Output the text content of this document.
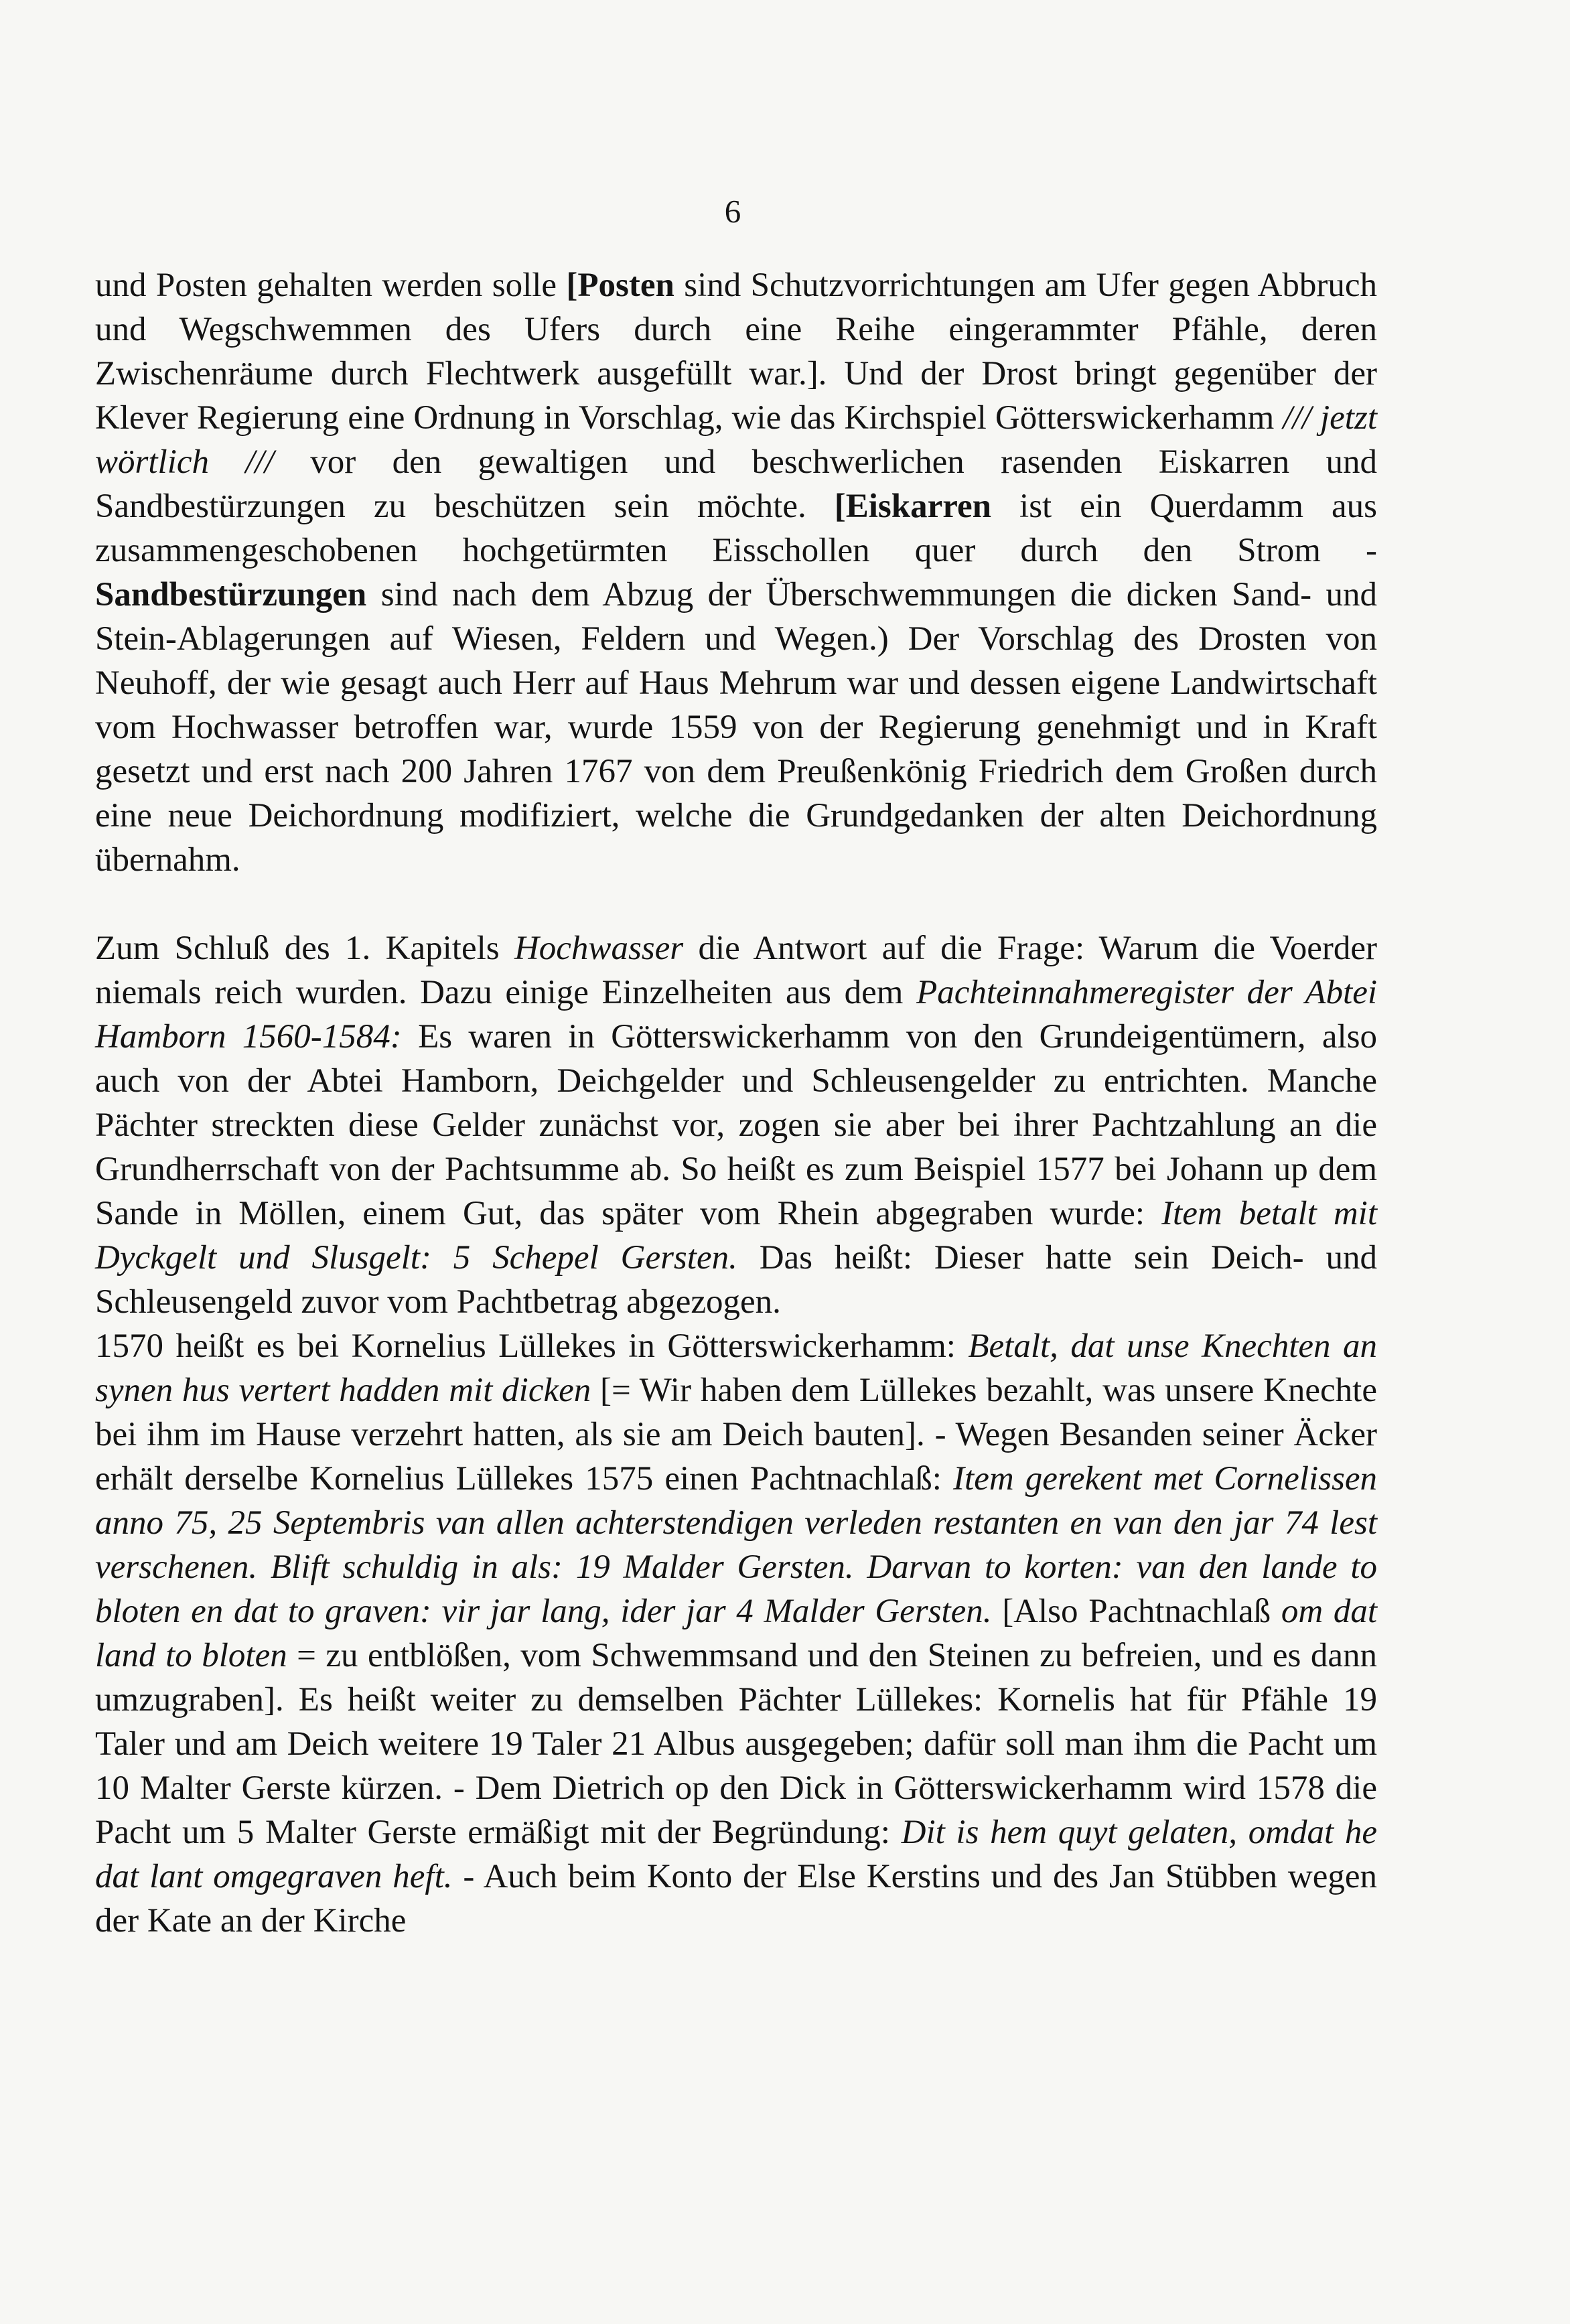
6

und Posten gehalten werden solle [Posten sind Schutzvorrichtungen am Ufer gegen Abbruch und Wegschwemmen des Ufers durch eine Reihe eingerammter Pfähle, deren Zwischenräume durch Flechtwerk ausgefüllt war.]. Und der Drost bringt gegenüber der Klever Regierung eine Ordnung in Vorschlag, wie das Kirchspiel Götterswickerhamm /// jetzt wörtlich /// vor den gewaltigen und beschwerlichen rasenden Eiskarren und Sandbestürzungen zu beschützen sein möchte. [Eiskarren ist ein Querdamm aus zusammengeschobenen hochgetürmten Eisschollen quer durch den Strom - Sandbestürzungen sind nach dem Abzug der Überschwemmungen die dicken Sand- und Stein-Ablagerungen auf Wiesen, Feldern und Wegen.) Der Vorschlag des Drosten von Neuhoff, der wie gesagt auch Herr auf Haus Mehrum war und dessen eigene Landwirtschaft vom Hochwasser betroffen war, wurde 1559 von der Regierung genehmigt und in Kraft gesetzt und erst nach 200 Jahren 1767 von dem Preußenkönig Friedrich dem Großen durch eine neue Deichordnung modifiziert, welche die Grundgedanken der alten Deichordnung übernahm.

Zum Schluß des 1. Kapitels Hochwasser die Antwort auf die Frage: Warum die Voerder niemals reich wurden. Dazu einige Einzelheiten aus dem Pachteinnahmeregister der Abtei Hamborn 1560-1584: Es waren in Götterswickerhamm von den Grundeigentümern, also auch von der Abtei Hamborn, Deichgelder und Schleusengelder zu entrichten. Manche Pächter streckten diese Gelder zunächst vor, zogen sie aber bei ihrer Pachtzahlung an die Grundherrschaft von der Pachtsumme ab. So heißt es zum Beispiel 1577 bei Johann up dem Sande in Möllen, einem Gut, das später vom Rhein abgegraben wurde: Item betalt mit Dyckgelt und Slusgelt: 5 Schepel Gersten. Das heißt: Dieser hatte sein Deich- und Schleusengeld zuvor vom Pachtbetrag abgezogen.

1570 heißt es bei Kornelius Lüllekes in Götterswickerhamm: Betalt, dat unse Knechten an synen hus vertert hadden mit dicken [= Wir haben dem Lüllekes bezahlt, was unsere Knechte bei ihm im Hause verzehrt hatten, als sie am Deich bauten]. - Wegen Besanden seiner Äcker erhält derselbe Kornelius Lüllekes 1575 einen Pachtnachlaß: Item gerekent met Cornelissen anno 75, 25 Septembris van allen achterstendigen verleden restanten en van den jar 74 lest verschenen. Blift schuldig in als: 19 Malder Gersten. Darvan to korten: van den lande to bloten en dat to graven: vir jar lang, ider jar 4 Malder Gersten. [Also Pachtnachlaß om dat land to bloten = zu entblößen, vom Schwemmsand und den Steinen zu befreien, und es dann umzugraben]. Es heißt weiter zu demselben Pächter Lüllekes: Kornelis hat für Pfähle 19 Taler und am Deich weitere 19 Taler 21 Albus ausgegeben; dafür soll man ihm die Pacht um 10 Malter Gerste kürzen. - Dem Dietrich op den Dick in Götterswickerhamm wird 1578 die Pacht um 5 Malter Gerste ermäßigt mit der Begründung: Dit is hem quyt gelaten, omdat he dat lant omgegraven heft. - Auch beim Konto der Else Kerstins und des Jan Stübben wegen der Kate an der Kirche
